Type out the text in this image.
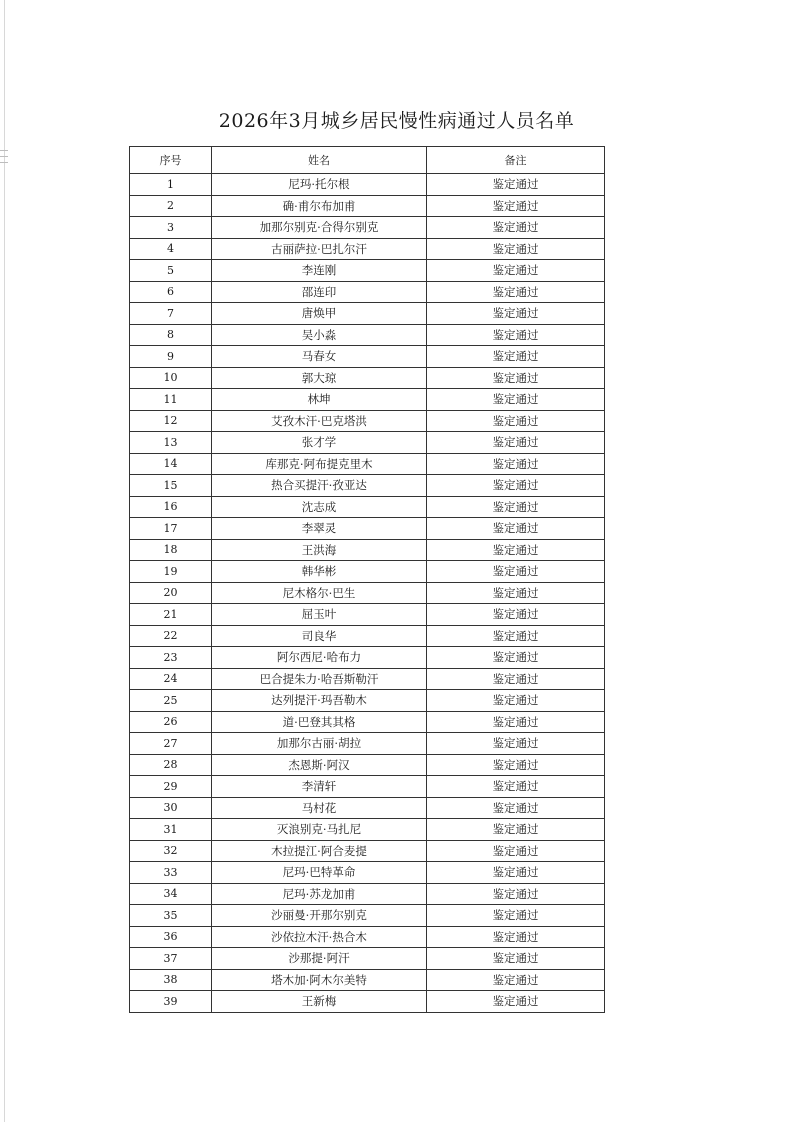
2026年3月城乡居民慢性病通过人员名单
序号	姓名	备注
1	尼玛·托尔根	鉴定通过
2	确·甫尔布加甫	鉴定通过
3	加那尔别克·合得尔别克	鉴定通过
4	古丽萨拉·巴扎尔汗	鉴定通过
5	李连刚	鉴定通过
6	邵连印	鉴定通过
7	唐焕甲	鉴定通过
8	吴小淼	鉴定通过
9	马春女	鉴定通过
10	郭大琼	鉴定通过
11	林坤	鉴定通过
12	艾孜木汗·巴克塔洪	鉴定通过
13	张才学	鉴定通过
14	库那克·阿布提克里木	鉴定通过
15	热合买提汗·孜亚达	鉴定通过
16	沈志成	鉴定通过
17	李翠灵	鉴定通过
18	王洪海	鉴定通过
19	韩华彬	鉴定通过
20	尼木格尔·巴生	鉴定通过
21	屈玉叶	鉴定通过
22	司良华	鉴定通过
23	阿尔西尼·哈布力	鉴定通过
24	巴合提朱力·哈吾斯勒汗	鉴定通过
25	达列提汗·玛吾勒木	鉴定通过
26	道·巴登其其格	鉴定通过
27	加那尔古丽·胡拉	鉴定通过
28	杰恩斯·阿汉	鉴定通过
29	李清轩	鉴定通过
30	马村花	鉴定通过
31	灭浪别克·马扎尼	鉴定通过
32	木拉提江·阿合麦提	鉴定通过
33	尼玛·巴特革命	鉴定通过
34	尼玛·苏龙加甫	鉴定通过
35	沙丽曼·开那尔别克	鉴定通过
36	沙依拉木汗·热合木	鉴定通过
37	沙那提·阿汗	鉴定通过
38	塔木加·阿木尔美特	鉴定通过
39	王新梅	鉴定通过
